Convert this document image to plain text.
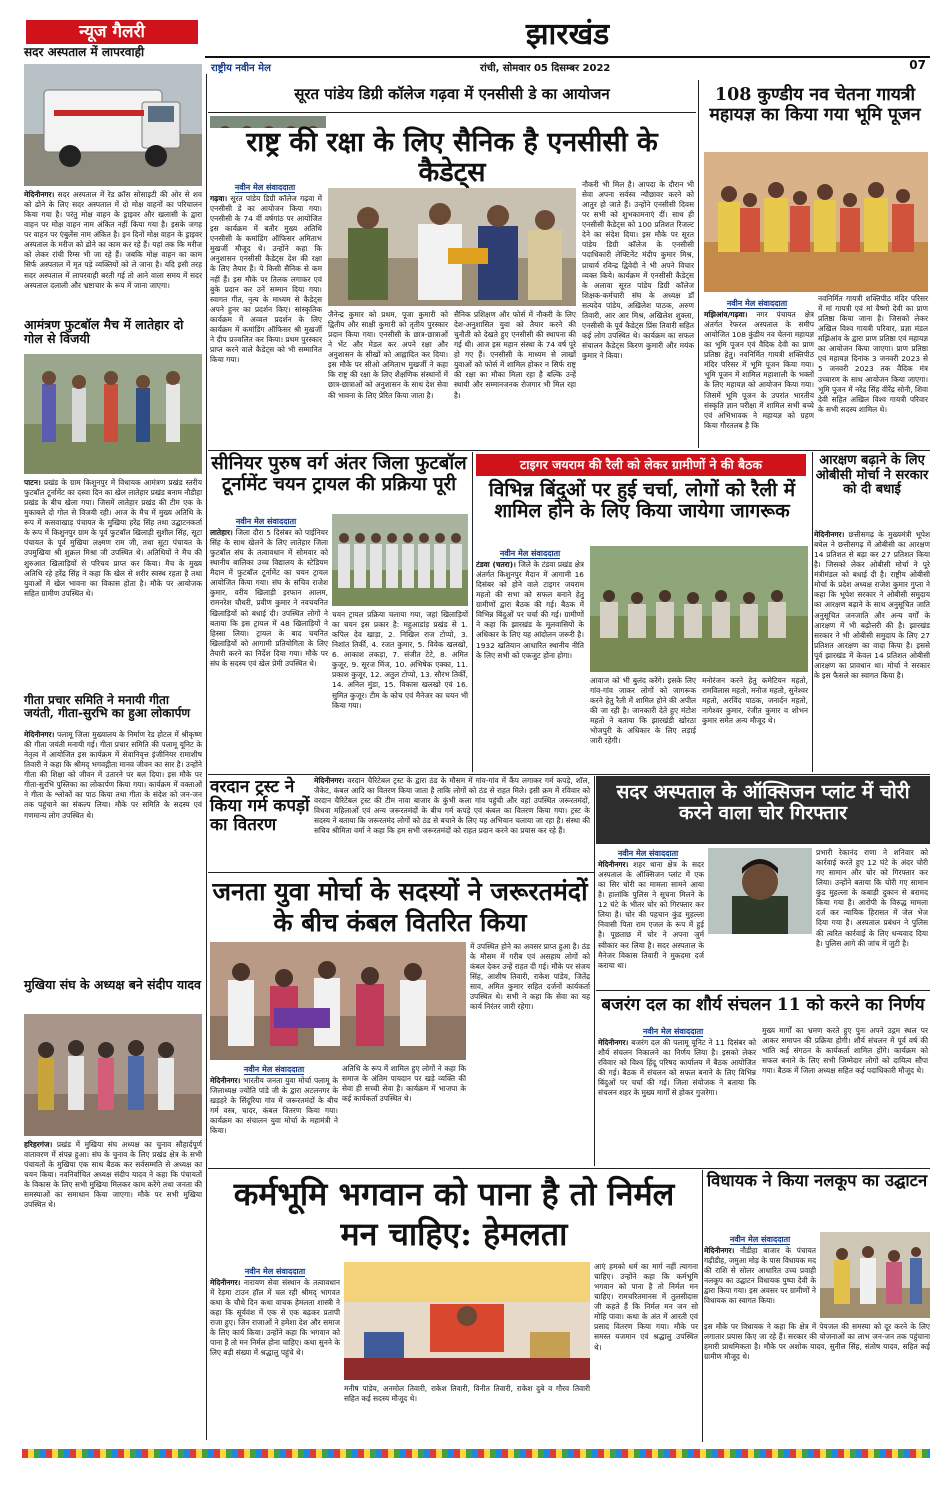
झारखंड
राष्ट्रीय नवीन मेल	रांची, सोमवार 05 दिसम्बर 2022	07
न्यूज गैलरी
सदर अस्पताल में लापरवाही
मेदिनीनगर। सदर अस्पताल में रेड क्रॉस सोसाइटी की ओर से शव को ढोने के लिए सदर अस्पताल में दो मोक्ष वाहनों का परिचालन किया गया है। परंतु मोक्ष वाहन के ड्राइवर और खलासी के द्वारा वाहन पर मोक्ष वाहन नाम अंकित नहीं किया गया है। इसके जगह पर वाहन पर एंबुलेंस नाम अंकित है। इन दिनों मोक्ष वाहन के ड्राइवर अस्पताल के मरीज को ढोने का काम कर रहे हैं। यहां तक कि मरीज को लेकर रांची रिम्स भी जा रहे हैं। जबकि मोक्ष वाहन का काम सिर्फ अस्पताल में मृत पड़े व्यक्तियों को ले जाना है। यदि इसी तरह सदर अस्पताल में लापरवाही बरती गई तो आने वाला समय में सदर अस्पताल दलाली और भ्रष्टाचार के रूप में जाना जाएगा।
आमंत्रण फुटबॉल मैच में लातेहार दो गोल से विजयी
पाटन। प्रखंड के ग्राम किशुनपुर में विधायक आमंत्रण प्रखंड स्तरीय फुटबॉल टूर्नामेंट का दस्वा दिन का खेल लातेहार प्रखंड बनाम नौडीहा प्रखंड के बीच खेला गया। जिसमें लातेहार प्रखंड की टीम एक के मुकाबले दो गोल से विजयी रही। आज के मैच में मुख्य अतिथि के रूप में कसवाखाड़ पंचायत के मुखिया हरेंद्र सिंह तथा उद्घाटनकर्ता के रूप में किशुनपुर ग्राम के पूर्व फुटबॉल खिलाड़ी सुशील सिंह, सूटा पंचायत के पूर्व मुखिया लक्ष्मण राम जी, तथा सूटा पंचायत के उपमुखिया श्री शुक्रल मिश्रा जी उपस्थित थे। अतिथियों ने मैच की शुरुआत खिलाड़ियों से परिचय प्राप्त कर किया। मैच के मुख्य अतिथि रहे हरेंद्र सिंह ने कहा कि खेल से शरीर स्वस्थ रहता है तथा युवाओं में खेल भावना का विकास होता है। मौके पर आयोजक सहित ग्रामीण उपस्थित थे।
गीता प्रचार समिति ने मनायी गीता जयंती, गीता-सुरभि का हुआ लोकार्पण
मेदिनीनगर। पलामू जिला मुख्यालय के निर्माण रेड होटल में श्रीकृष्ण की गीता जयंती मनायी गई। गीता प्रचार समिति की पलामू यूनिट के नेतृत्व में आयोजित इस कार्यक्रम में सेवानिवृत्त इंजीनियर रामाशीष तिवारी ने कहा कि श्रीमद् भगवद्गीता मानव जीवन का सार है। उन्होंने गीता की शिक्षा को जीवन में उतारने पर बल दिया। इस मौके पर गीता-सुरभि पुस्तिका का लोकार्पण किया गया। कार्यक्रम में वक्ताओं ने गीता के श्लोकों का पाठ किया तथा गीता के संदेश को जन-जन तक पहुंचाने का संकल्प लिया। मौके पर समिति के सदस्य एवं गणमान्य लोग उपस्थित थे।
मुखिया संघ के अध्यक्ष बने संदीप यादव
हरिहरगंज। प्रखंड में मुखिया संघ अध्यक्ष का चुनाव सौहार्दपूर्ण वातावरण में संपन्न हुआ। संघ के चुनाव के लिए प्रखंड क्षेत्र के सभी पंचायतों के मुखिया एक साथ बैठक कर सर्वसम्मति से अध्यक्ष का चयन किया। नवनिर्वाचित अध्यक्ष संदीप यादव ने कहा कि पंचायतों के विकास के लिए सभी मुखिया मिलकर काम करेंगे तथा जनता की समस्याओं का समाधान किया जाएगा। मौके पर सभी मुखिया उपस्थित थे।
सूरत पांडेय डिग्री कॉलेज गढ़वा में एनसीसी डे का आयोजन
राष्ट्र की रक्षा के लिए सैनिक है एनसीसी के कैडेट्स
नवीन मेल संवाददाता
गढ़वा। सूरत पांडेय डिग्री कॉलेज गढ़वा में एनसीसी डे का आयोजन किया गया। एनसीसी के 74 वीं वर्षगांठ पर आयोजित इस कार्यक्रम में बतौर मुख्य अतिथि एनसीसी के कमांडिंग ऑफिसर अमिताभ मुखर्जी मौजूद थे। उन्होंने कहा कि अनुशासन एनसीसी कैडेट्स देश की रक्षा के लिए तैयार हैं। ये किसी सैनिक से कम नहीं हैं। इस मौके पर तिलक लगाकर एवं बुके प्रदान कर उनें सम्मान दिया गया। स्वागत गीत, नृत्य के माध्यम से कैडेट्स अपने हुनर का प्रदर्शन किए। सांस्कृतिक कार्यक्रम में अव्वल प्रदर्शन के लिए कार्यक्रम में कमांडिंग ऑफिसर श्री मुखर्जी ने दीप प्रज्वलित कर किया। प्रथम पुरस्कार प्राप्त करने वाले कैडेट्स को भी सम्मानित किया गया।
जैनेन्द्र कुमार को प्रथम, पूजा कुमारी को द्वितीय और साक्षी कुमारी को तृतीय पुरस्कार प्रदान किया गया। एनसीसी के छात्र-छात्राओं ने भेंट और मेडल कर अपने रक्षा और अनुशासन के सीखों को आह्लादित कर दिया। इस मौके पर सीओ अमिताभ मुखर्जी ने कहा कि राष्ट्र की रक्षा के लिए शैक्षणिक संस्थानों में छात्र-छात्राओं को अनुशासन के साथ देश सेवा की भावना के लिए प्रेरित किया जाता है।
सैनिक प्रशिक्षण और फोर्स में नौकरी के लिए देश-अनुशासित युवा को तैयार करने की चुनौती को देखते हुए एनसीसी की स्थापना की गई थी। आज इस महान संस्था के 74 वर्ष पूरे हो गए हैं। एनसीसी के माध्यम से लाखों युवाओं को फोर्स में शामिल होकर न सिर्फ राष्ट्र की रक्षा का मौका मिला रहा है बल्कि उन्हें स्थायी और सम्मानजनक रोजगार भी मिल रहा है।
नौकरी भी मिल है। आपदा के दौरान भी सेवा अपना सर्वस्व न्यौछावर करने को आतुर हो जाते हैं। उन्होंने एनसीसी दिवस पर सभी को शुभकामनाएं दीं। साथ ही एनसीसी कैडेट्स को 100 प्रतिशत रिजल्ट देने का संदेश दिया। इस मौके पर सूरत पांडेय डिग्री कॉलेज के एनसीसी पदाधिकारी लेफ्टिनेंट मंदीप कुमार मिश्र, प्राचार्य रविन्द्र द्विवेदी ने भी अपने विचार व्यक्त किये। कार्यक्रम में एनसीसी कैडेट्स के अलावा सूरत पांडेय डिग्री कॉलेज शिक्षक-कर्मचारी संघ के अध्यक्ष डॉ सत्यदेव पांडेय, अखिलेश पाठक, अरुण तिवारी, आर आर मिश्र, अखिलेश शुक्ला, एनसीसी के पूर्व कैडेट्स प्रिंस तिवारी सहित कई लोग उपस्थित थे। कार्यक्रम का सफल संचालन कैडेट्स किरण कुमारी और मयंक कुमार ने किया।
108 कुण्डीय नव चेतना गायत्री महायज्ञ का किया गया भूमि पूजन
नवीन मेल संवाददाता
मझिआंव/गढ़वा। नगर पंचायत क्षेत्र अंतर्गत रेफरल अस्पताल के समीप आयोजित 108 कुंडीय नव चेतना महायज्ञ का भूमि पूजन एवं वैदिक देवी का प्राण प्रतिष्ठा हेतु। नवनिर्मित गायत्री शक्तिपीठ मंदिर परिसर में भूमि पूजन किया गया। भूमि पूजन में शामिल महाशाली के भक्तों के लिए महायज्ञ को आयोजन किया गया। जिसमें भूमि पूजन के उपरांत भारतीय संस्कृति ज्ञान परीक्षा में शामिल सभी बच्चे एवं अभिभावक ने महायज्ञ को ग्रहण किया गौरतलब है कि
नवनिर्मित गायत्री शक्तिपीठ मंदिर परिसर में मां गायत्री एवं मां वैष्णो देवी का प्राण प्रतिष्ठा किया जाना है। जिसको लेकर अखिल विश्व गायत्री परिवार, प्रज्ञा मंडल मझिआंव के द्वारा प्राण प्रतिष्ठा एवं महायज्ञ का आयोजन किया जाएगा। प्राण प्रतिष्ठा एवं महायज्ञ दिनांक 3 जनवरी 2023 से 5 जनवरी 2023 तक वैदिक मंत्र उच्चारण के साथ आयोजन किया जाएगा। भूमि पूजन में नरेंद्र सिंह वीरेंद्र सोनी, शिवा देवी सहित अखिल विश्व गायत्री परिवार के सभी सदस्य शामिल थे।
सीनियर पुरुष वर्ग अंतर जिला फुटबॉल टूर्नामेंट चयन ट्रायल की प्रक्रिया पूरी
नवीन मेल संवाददाता
लातेहार। जिला दौरा 5 दिसंबर को पाईनियर सिंह के साथ खेलने के लिए लातेहार जिला फुटबॉल संघ के तत्वावधान में सोमवार को स्थानीय बालिका उच्च विद्यालय के स्टेडियम मैदान में फुटबॉल टूर्नामेंट का चयन ट्रायल आयोजित किया गया। संघ के सचिव राजेश कुमार, वरीय खिलाड़ी इरफान आलम, रामनरेश चौधरी, प्रवीण कुमार ने नवचयनित खिलाड़ियों को बधाई दी। उपस्थित लोगों ने बताया कि इस ट्रायल में 48 खिलाड़ियों ने हिस्सा लिया। ट्रायल के बाद चयनित खिलाड़ियों को आगामी प्रतियोगिता के लिए तैयारी करने का निर्देश दिया गया। मौके पर संघ के सदस्य एवं खेल प्रेमी उपस्थित थे।
चयन ट्रायल प्रक्रिया चलाया गया, जहां खिलाड़ियों का चयन इस प्रकार है: महुआडांड़ प्रखंड से 1. कपिल देव खाड़ा, 2. निखिल राज टोप्पो, 3. निशांत तिर्की, 4. रजत कुमार, 5. विवेक खलखो, 6. आकाश लकड़ा, 7. संजीत टेटे, 8. अमित कुजूर, 9. सूरज मिंज, 10. अभिषेक एक्का, 11. प्रकाश कुजूर, 12. अतुल टोप्पो, 13. सौरभ तिर्की, 14. अनिल मुंडा, 15. विकास खलखो एवं 16. सुमित कुजूर। टीम के कोच एवं मैनेजर का चयन भी किया गया।
टाइगर जयराम की रैली को लेकर ग्रामीणों ने की बैठक
विभिन्न बिंदुओं पर हुई चर्चा, लोगों को रैली में शामिल होने के लिए किया जायेगा जागरूक
नवीन मेल संवाददाता
टंडवा (चतरा)। जिले के टंडवा प्रखंड क्षेत्र अंतर्गत किशुनपुर मैदान में आगामी 16 दिसंबर को होने वाले टाइगर जयराम महतो की सभा को सफल बनाने हेतु ग्रामीणों द्वारा बैठक की गई। बैठक में विभिन्न बिंदुओं पर चर्चा की गई। ग्रामीणों ने कहा कि झारखंड के मूलवासियों के अधिकार के लिए यह आंदोलन जरूरी है। 1932 खतियान आधारित स्थानीय नीति के लिए सभी को एकजुट होना होगा।
आवाज को भी बुलंद करेंगे। इसके लिए गांव-गांव जाकर लोगों को जागरूक करने हेतु रैली में शामिल होने की अपील की जा रही है। जानकारी देते हुए मंटोश महतो ने बताया कि झारखंडी खोरठा भोजपुरी के अधिकार के लिए लड़ाई जारी रहेगी।
मनोरंजन करने हेतु कमेटियन महतो, रामविलास महतो, मनोज महतो, सुनेश्वर महतो, अरविंद पाठक, जनार्दन महतो, नागेश्वर कुमार, रंजीत कुमार व शोभन कुमार समेत अन्य मौजूद थे।
आरक्षण बढ़ाने के लिए ओबीसी मोर्चा ने सरकार को दी बधाई
मेदिनीनगर। छत्तीसगढ़ के मुख्यमंत्री भूपेश बघेल ने छत्तीसगढ़ में ओबीसी का आरक्षण 14 प्रतिशत से बढ़ा कर 27 प्रतिशत किया है। जिसको लेकर ओबीसी मोर्चा ने पूरे मंत्रीमंडल को बधाई दी है। राष्ट्रीय ओबीसी मोर्चा के प्रदेश अध्यक्ष राजेश कुमार गुप्ता ने कहा कि भूपेश सरकार ने ओबीसी समुदाय का आरक्षण बढ़ाने के साथ अनुसूचित जाति अनुसूचित जनजाति और अन्य वर्गों के आरक्षण में भी बढ़ोत्तरी की है। झारखंड सरकार ने भी ओबीसी समुदाय के लिए 27 प्रतिशत आरक्षण का वादा किया है। इससे पूर्व झारखंड में केवल 14 प्रतिशत ओबीसी आरक्षण का प्रावधान था। मोर्चा ने सरकार के इस फैसले का स्वागत किया है।
वरदान ट्रस्ट ने किया गर्म कपड़ों का वितरण
मेदिनीनगर। वरदान चैरिटेबल ट्रस्ट के द्वारा ठंड के मौसम में गांव-गांव में कैंप लगाकर गर्म कपड़े, शॉल, जैकेट, कंबल आदि का वितरण किया जाता है ताकि लोगों को ठंड से राहत मिले। इसी क्रम में रविवार को वरदान चैरिटेबल ट्रस्ट की टीम नावा बाजार के कुंभी कला गांव पहुंची और वहां उपस्थित जरूरतमंदों, विधवा महिलाओं एवं अन्य जरूरतमंदों के बीच गर्म कपड़े एवं कंबल का वितरण किया गया। ट्रस्ट के सदस्य ने बताया कि जरूरतमंद लोगों को ठंड से बचाने के लिए यह अभियान चलाया जा रहा है। संस्था की सचिव श्रीमिता वर्मा ने कहा कि हम सभी जरूरतमंदों को राहत प्रदान करने का प्रयास कर रहे हैं।
सदर अस्पताल के ऑक्सिजन प्लांट में चोरी करने वाला चोर गिरफ्तार
नवीन मेल संवाददाता
मेदिनीनगर। शहर थाना क्षेत्र के सदर अस्पताल के ऑक्सिजन प्लांट में एक का सिर चोरी का मामला सामने आया है। हालांकि पुलिस ने सूचना मिलने के 12 घंटे के भीतर चोर को गिरफ्तार कर लिया है। चोर की पहचान कुंड मुहल्ला निवासी पिता राम एजल के रूप में हुई है। पूछताछ में चोर ने अपना जुर्म स्वीकार कर लिया है। सदर अस्पताल के मैनेजर विकास तिवारी ने मुकदमा दर्ज कराया था।
प्रभारी रेकानंद राणा ने शनिवार को कार्रवाई करते हुए 12 घंटे के अंदर चोरी गए सामान और चोर को गिरफ्तार कर लिया। उन्होंने बताया कि चोरी गए सामान कुंड मुहल्ला के कबाड़ी दुकान से बरामद किया गया है। आरोपी के विरुद्ध मामला दर्ज कर न्यायिक हिरासत में जेल भेज दिया गया है। अस्पताल प्रबंधन ने पुलिस की त्वरित कार्रवाई के लिए धन्यवाद दिया है। पुलिस आगे की जांच में जुटी है।
जनता युवा मोर्चा के सदस्यों ने जरूरतमंदों के बीच कंबल वितरित किया
में उपस्थित होने का अवसर प्राप्त हुआ है। ठंड के मौसम में गरीब एवं असहाय लोगों को कंबल देकर उन्हें राहत दी गई। मौके पर संजय सिंह, आशीष तिवारी, राकेश पांडेय, जितेंद्र साव, अमित कुमार सहित दर्जनों कार्यकर्ता उपस्थित थे। सभी ने कहा कि सेवा का यह कार्य निरंतर जारी रहेगा।
नवीन मेल संवाददाता
मेदिनीनगर। भारतीय जनता युवा मोर्चा पलामू के जिलाध्यक्ष ज्योति पांडे जी के द्वारा अटलनगर के खड़हरे के सिंदूरिया गांव में जरूरतमंदों के बीच गर्म वस्त्र, चादर, कंबल वितरण किया गया। कार्यक्रम का संचालन युवा मोर्चा के महामंत्री ने किया।
अतिथि के रूप में शामिल हुए लोगों ने कहा कि समाज के अंतिम पायदान पर खड़े व्यक्ति की सेवा ही सच्ची सेवा है। कार्यक्रम में भाजपा के कई कार्यकर्ता उपस्थित थे।
बजरंग दल का शौर्य संचलन 11 को करने का निर्णय
नवीन मेल संवाददाता
मेदिनीनगर। बजरंग दल की पलामू यूनिट ने 11 दिसंबर को शौर्य संचलन निकालने का निर्णय लिया है। इसको लेकर रविवार को विश्व हिंदू परिषद कार्यालय में बैठक आयोजित की गई। बैठक में संचलन को सफल बनाने के लिए विभिन्न बिंदुओं पर चर्चा की गई। जिला संयोजक ने बताया कि संचलन शहर के मुख्य मार्गों से होकर गुजरेगा।
मुख्य मार्गों का भ्रमण करते हुए पुनः अपने उद्गम स्थल पर आकर समापन की प्रक्रिया होगी। शौर्य संचलन में पूर्व वर्ष की भांति कई संगठन के कार्यकर्ता शामिल होंगे। कार्यक्रम को सफल बनाने के लिए सभी जिम्मेदार लोगों को दायित्व सौंपा गया। बैठक में जिला अध्यक्ष सहित कई पदाधिकारी मौजूद थे।
कर्मभूमि भगवान को पाना है तो निर्मल मन चाहिए: हेमलता
नवीन मेल संवाददाता
मेदिनीनगर। नारायण सेवा संस्थान के तत्वावधान में रेड़मा टाउन हॉल में चल रही श्रीमद् भागवत कथा के चौथे दिन कथा वाचक हेमलता शास्त्री ने कहा कि सूर्यवंश में एक से एक बढ़कर प्रतापी राजा हुए। जिन राजाओं ने हमेशा देश और समाज के लिए कार्य किया। उन्होंने कहा कि भगवान को पाना है तो मन निर्मल होना चाहिए। कथा सुनने के लिए बड़ी संख्या में श्रद्धालु पहुंचे थे।
आएं हमको धर्म का मार्ग नहीं त्यागना चाहिए। उन्होंने कहा कि कर्मभूमि भगवान को पाना है तो निर्मल मन चाहिए। रामचरितमानस में तुलसीदास जी कहते हैं कि निर्मल मन जन सो मोहि पावा। कथा के अंत में आरती एवं प्रसाद वितरण किया गया। मौके पर समस्त यजमान एवं श्रद्धालु उपस्थित थे।
मनीष पांडेय, अनमोल तिवारी, राकेश तिवारी, विनीत तिवारी, राकेश दुबे व गौरव तिवारी सहित कई सदस्य मौजूद थे।
विधायक ने किया नलकूप का उद्घाटन
नवीन मेल संवाददाता
मेदिनीनगर। नौडीहा बाजार के पंचायत गढ़ीडीह, जमुआ मोड़ के पास विधायक मद की राशि से सोलर आधारित उच्च प्रवाही नलकूप का उद्घाटन विधायक पुष्पा देवी के द्वारा किया गया। इस अवसर पर ग्रामीणों ने विधायक का स्वागत किया।
इस मौके पर विधायक ने कहा कि क्षेत्र में पेयजल की समस्या को दूर करने के लिए लगातार प्रयास किए जा रहे हैं। सरकार की योजनाओं का लाभ जन-जन तक पहुंचाना हमारी प्राथमिकता है। मौके पर अशोक यादव, सुनील सिंह, संतोष यादव, सहित कई ग्रामीण मौजूद थे।
